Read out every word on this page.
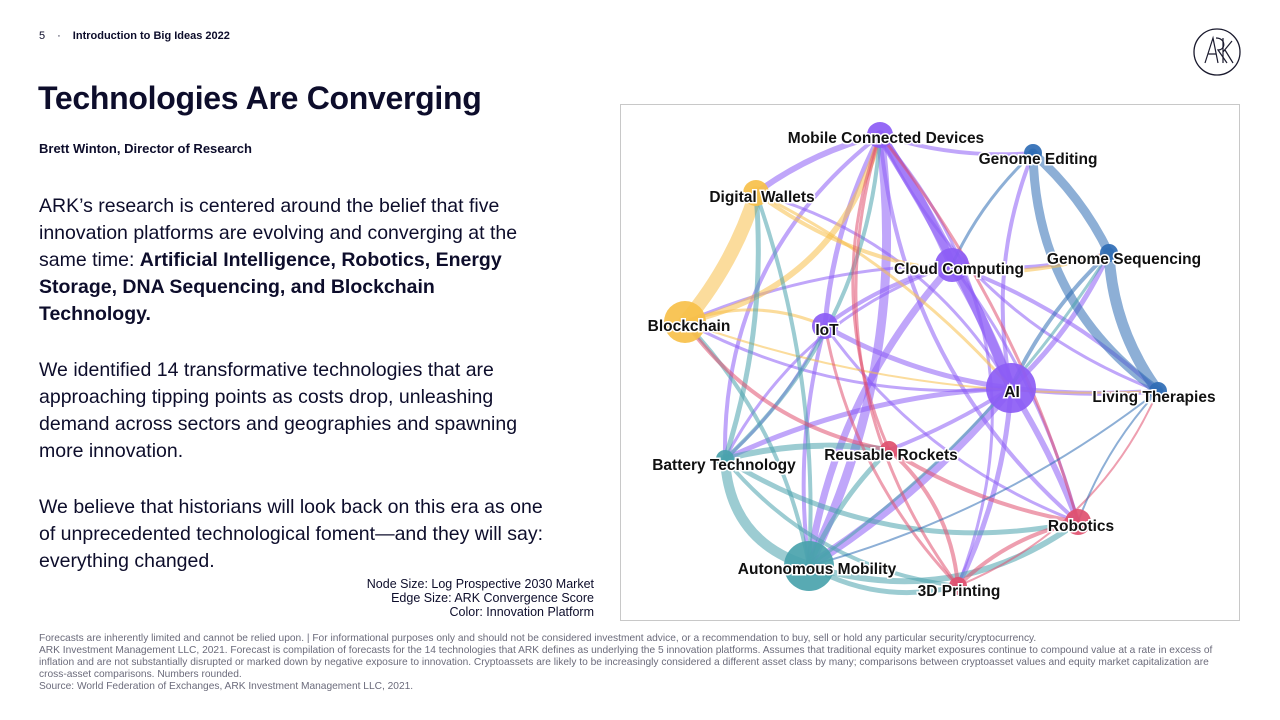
5 · Introduction to Big Ideas 2022
Technologies Are Converging
Brett Winton, Director of Research

ARK’s research is centered around the belief that five innovation platforms are evolving and converging at the same time: Artificial Intelligence, Robotics, Energy Storage, DNA Sequencing, and Blockchain Technology.

We identified 14 transformative technologies that are approaching tipping points as costs drop, unleashing demand across sectors and geographies and spawning more innovation.

We believe that historians will look back on this era as one of unprecedented technological foment—and they will say: everything changed.

Node Size: Log Prospective 2030 Market
Edge Size: ARK Convergence Score
Color: Innovation Platform
Mobile Connected Devices
Genome Editing
Digital Wallets
Cloud Computing
Genome Sequencing
Blockchain	IoT
AI	Living Therapies
Reusable Rockets
Battery Technology
Robotics
Autonomous Mobility
3D Printing
Forecasts are inherently limited and cannot be relied upon. | For informational purposes only and should not be considered investment advice, or a recommendation to buy, sell or hold any particular security/cryptocurrency.
ARK Investment Management LLC, 2021. Forecast is compilation of forecasts for the 14 technologies that ARK defines as underlying the 5 innovation platforms. Assumes that traditional equity market exposures continue to compound value at a rate in excess of inflation and are not substantially disrupted or marked down by negative exposure to innovation. Cryptoassets are likely to be increasingly considered a different asset class by many; comparisons between cryptoasset values and equity market capitalization are cross-asset comparisons. Numbers rounded.
Source: World Federation of Exchanges, ARK Investment Management LLC, 2021.
